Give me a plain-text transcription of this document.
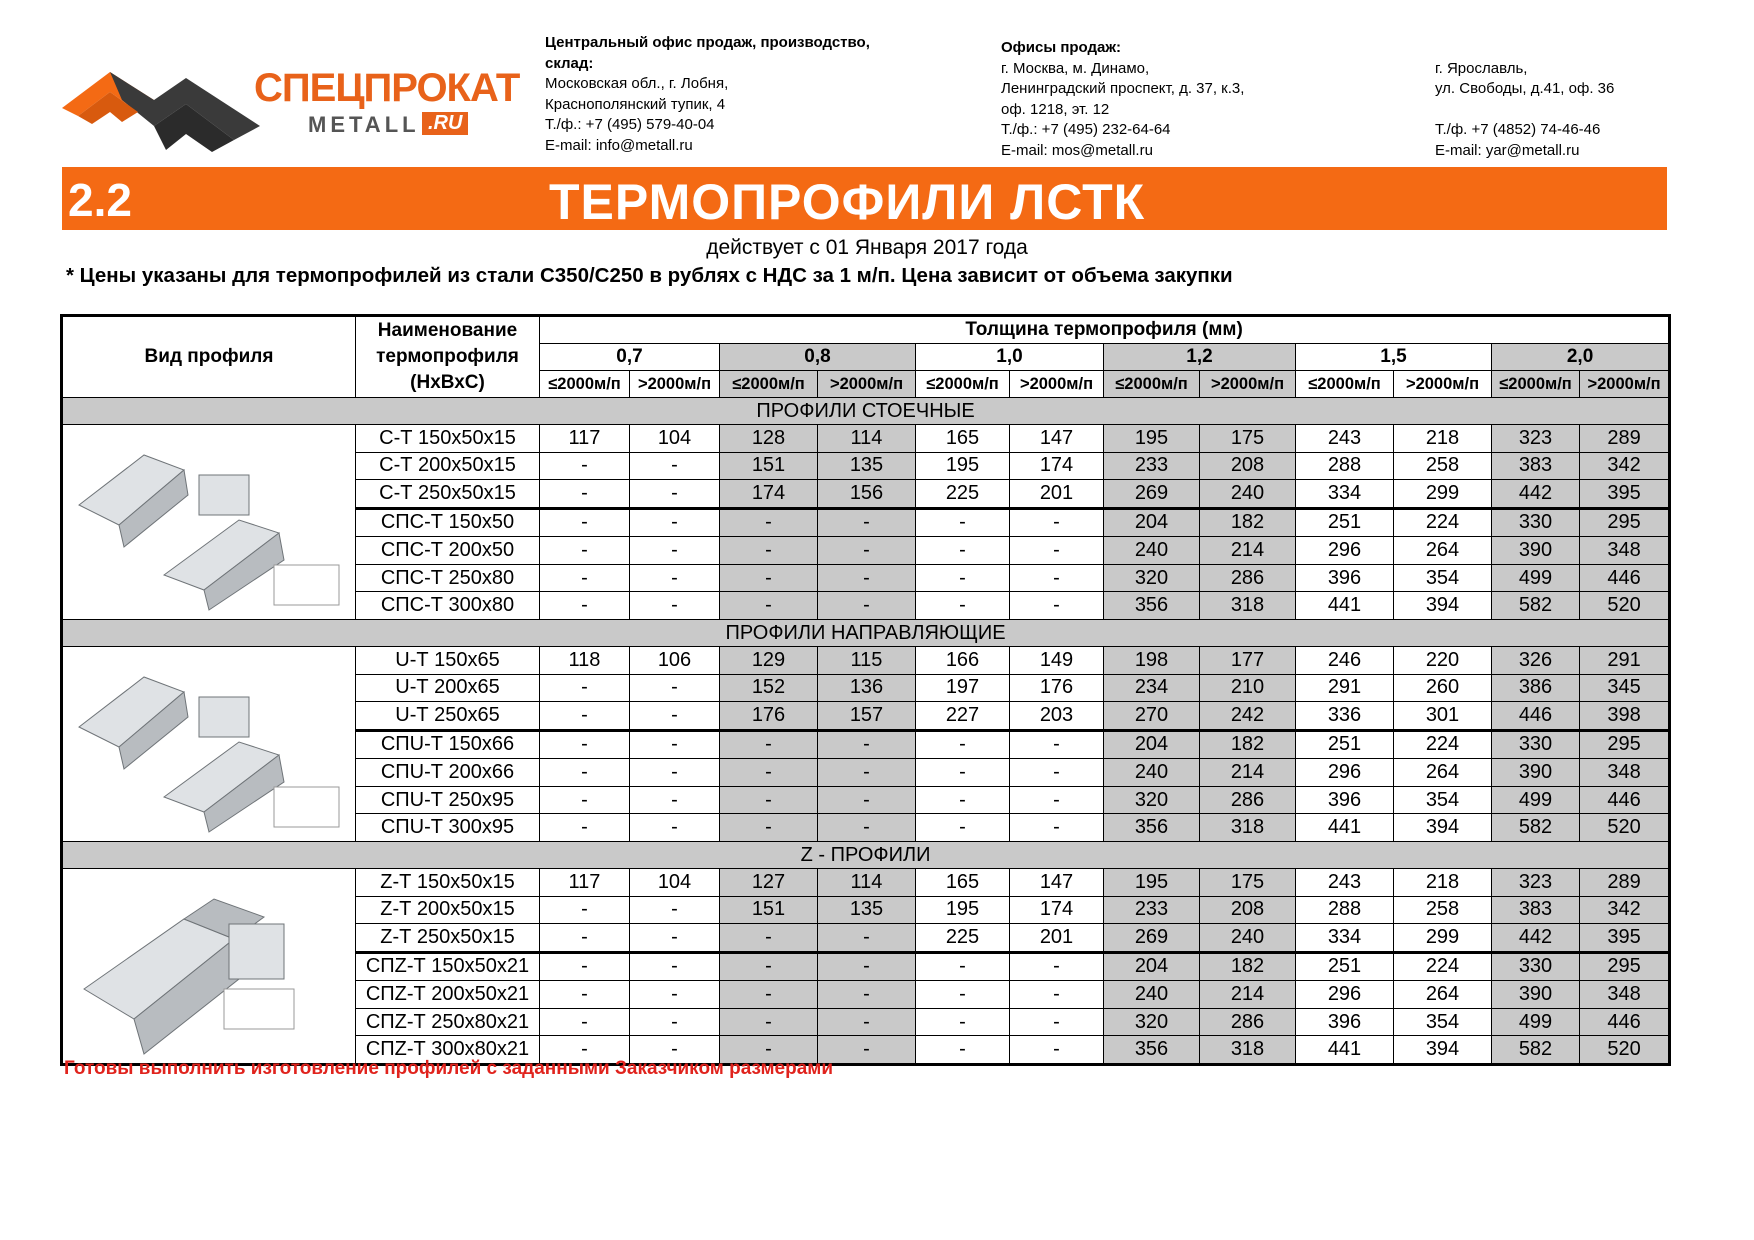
СПЕЦПРОКАТ
METALL .RU
Центральный офис продаж, производство,
склад:
Московская обл., г. Лобня,
Краснополянский тупик, 4
Т./ф.: +7 (495) 579-40-04
E-mail: info@metall.ru
Офисы продаж:
г. Москва, м. Динамо,
Ленинградский проспект, д. 37, к.3,
оф. 1218, эт. 12
Т./ф.: +7 (495) 232-64-64
E-mail: mos@metall.ru
г. Ярославль,
ул. Свободы, д.41, оф. 36
Т./ф. +7 (4852) 74-46-46
E-mail: yar@metall.ru
2.2	ТЕРМОПРОФИЛИ ЛСТК
действует с 01 Января 2017 года
* Цены указаны для термопрофилей из стали С350/С250 в рублях с НДС за 1 м/п. Цена зависит от объема закупки
Вид профиля	Наименование
термопрофиля
(НхВхС)	Толщина термопрофиля (мм)											
		0,7		0,8		1,0		1,2		1,5		2,0	
		≤2000м/п	>2000м/п	≤2000м/п	>2000м/п	≤2000м/п	>2000м/п	≤2000м/п	>2000м/п	≤2000м/п	>2000м/п	≤2000м/п	>2000м/п
ПРОФИЛИ СТОЕЧНЫЕ													
	С-Т 150х50х15	117	104	128	114	165	147	195	175	243	218	323	289
	С-Т 200х50х15	-	-	151	135	195	174	233	208	288	258	383	342
	С-Т 250х50х15	-	-	174	156	225	201	269	240	334	299	442	395
	СПС-Т 150х50	-	-	-	-	-	-	204	182	251	224	330	295
	СПС-Т 200х50	-	-	-	-	-	-	240	214	296	264	390	348
	СПС-Т 250х80	-	-	-	-	-	-	320	286	396	354	499	446
	СПС-Т 300х80	-	-	-	-	-	-	356	318	441	394	582	520
ПРОФИЛИ НАПРАВЛЯЮЩИЕ													
	U-Т 150х65	118	106	129	115	166	149	198	177	246	220	326	291
	U-Т 200х65	-	-	152	136	197	176	234	210	291	260	386	345
	U-Т 250х65	-	-	176	157	227	203	270	242	336	301	446	398
	СПU-Т 150х66	-	-	-	-	-	-	204	182	251	224	330	295
	СПU-Т 200х66	-	-	-	-	-	-	240	214	296	264	390	348
	СПU-Т 250х95	-	-	-	-	-	-	320	286	396	354	499	446
	СПU-Т 300х95	-	-	-	-	-	-	356	318	441	394	582	520
Z - ПРОФИЛИ													
	Z-Т 150х50х15	117	104	127	114	165	147	195	175	243	218	323	289
	Z-Т 200х50х15	-	-	151	135	195	174	233	208	288	258	383	342
	Z-Т 250х50х15	-	-	-	-	225	201	269	240	334	299	442	395
	СПZ-Т 150х50х21	-	-	-	-	-	-	204	182	251	224	330	295
	СПZ-Т 200х50х21	-	-	-	-	-	-	240	214	296	264	390	348
	СПZ-Т 250х80х21	-	-	-	-	-	-	320	286	396	354	499	446
	СПZ-Т 300х80х21	-	-	-	-	-	-	356	318	441	394	582	520
Готовы выполнить изготовление профилей с заданными Заказчиком размерами
